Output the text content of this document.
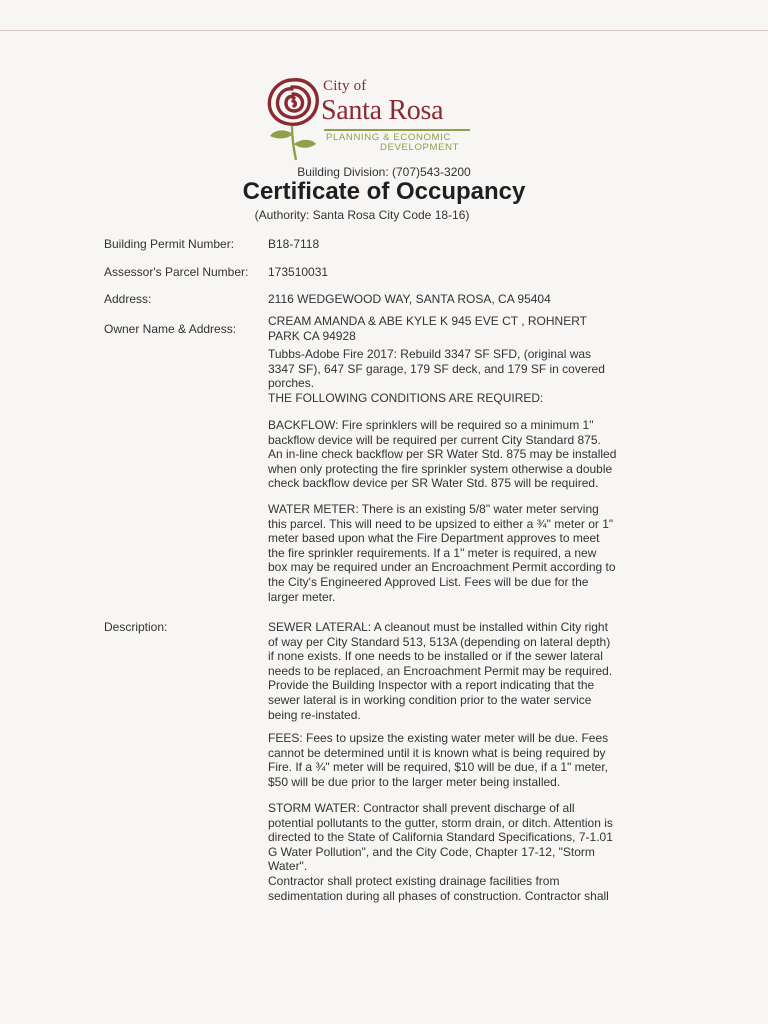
City of
Santa Rosa
PLANNING & ECONOMIC
DEVELOPMENT
Building Division: (707)543-3200
Certificate of Occupancy
(Authority: Santa Rosa City Code 18-16)
Building Permit Number:	B18-7118
Assessor's Parcel Number: 173510031
Address:	2116 WEDGEWOOD WAY, SANTA ROSA, CA 95404
Owner Name & Address:
CREAM AMANDA & ABE KYLE K 945 EVE CT , ROHNERT PARK CA 94928
Tubbs-Adobe Fire 2017: Rebuild 3347 SF SFD, (original was
3347 SF), 647 SF garage, 179 SF deck, and 179 SF in covered
porches.
THE FOLLOWING CONDITIONS ARE REQUIRED:
BACKFLOW: Fire sprinklers will be required so a minimum 1"
backflow device will be required per current City Standard 875.
An in-line check backflow per SR Water Std. 875 may be installed
when only protecting the fire sprinkler system otherwise a double
check backflow device per SR Water Std. 875 will be required.
WATER METER: There is an existing 5/8" water meter serving
this parcel. This will need to be upsized to either a ¾" meter or 1"
meter based upon what the Fire Department approves to meet
the fire sprinkler requirements. If a 1" meter is required, a new
box may be required under an Encroachment Permit according to
the City's Engineered Approved List. Fees will be due for the
larger meter.
Description:	SEWER LATERAL: A cleanout must be installed within City right
of way per City Standard 513, 513A (depending on lateral depth)
if none exists. If one needs to be installed or if the sewer lateral
needs to be replaced, an Encroachment Permit may be required.
Provide the Building Inspector with a report indicating that the
sewer lateral is in working condition prior to the water service
being re-instated.
FEES: Fees to upsize the existing water meter will be due. Fees
cannot be determined until it is known what is being required by
Fire. If a ¾" meter will be required, $10 will be due, if a 1" meter,
$50 will be due prior to the larger meter being installed.
STORM WATER: Contractor shall prevent discharge of all
potential pollutants to the gutter, storm drain, or ditch. Attention is
directed to the State of California Standard Specifications, 7-1.01
G Water Pollution", and the City Code, Chapter 17-12, "Storm
Water".
Contractor shall protect existing drainage facilities from
sedimentation during all phases of construction. Contractor shall
